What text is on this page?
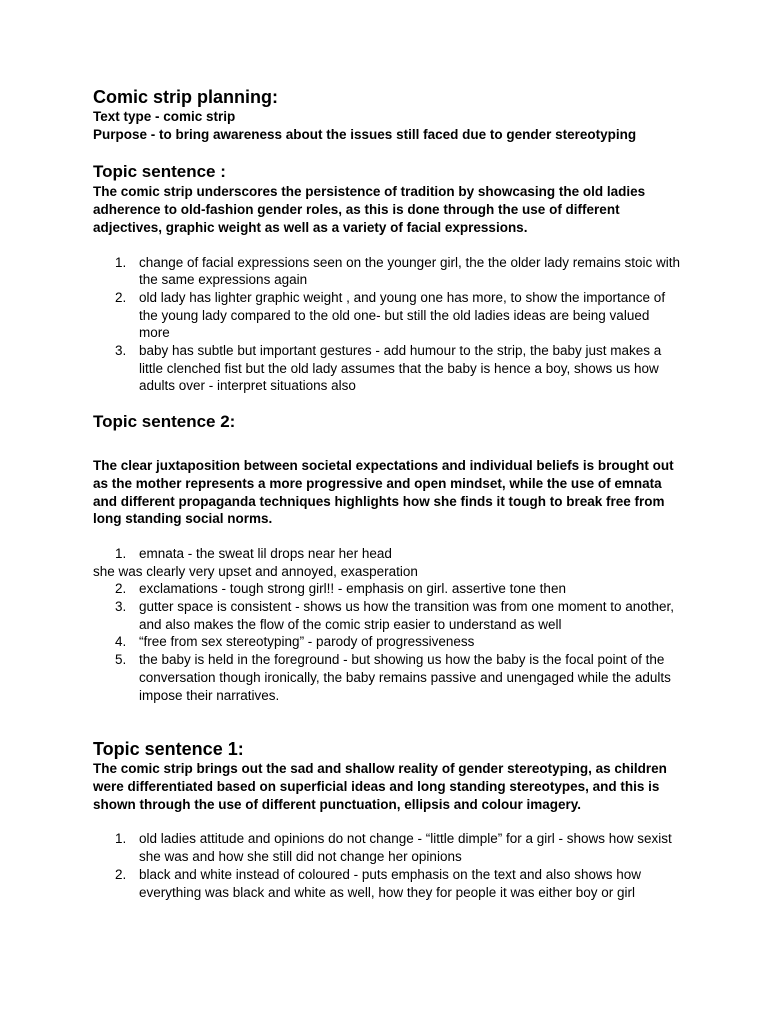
Comic strip planning:

Text type - comic strip

Purpose - to bring awareness about the issues still faced due to gender stereotyping

Topic sentence :

The comic strip underscores the persistence of tradition by showcasing the old ladies adherence to old-fashion gender roles, as this is done through the use of different adjectives, graphic weight as well as a variety of facial expressions.

1. change of facial expressions seen on the younger girl, the the older lady remains stoic with the same expressions again
2. old lady has lighter graphic weight , and young one has more, to show the importance of the young lady compared to the old one- but still the old ladies ideas are being valued more
3. baby has subtle but important gestures - add humour to the strip, the baby just makes a little clenched fist but the old lady assumes that the baby is hence a boy, shows us how adults over - interpret situations also

Topic sentence 2:

The clear juxtaposition between societal expectations and individual beliefs is brought out as the mother represents a more progressive and open mindset, while the use of emnata and different propaganda techniques highlights how she finds it tough to break free from long standing social norms.

1. emnata - the sweat lil drops near her head

she was clearly very upset and annoyed, exasperation

2. exclamations - tough strong girl!! - emphasis on girl. assertive tone then
3. gutter space is consistent - shows us how the transition was from one moment to another, and also makes the flow of the comic strip easier to understand as well
4. “free from sex stereotyping” - parody of progressiveness
5. the baby is held in the foreground - but showing us how the baby is the focal point of the conversation though ironically, the baby remains passive and unengaged while the adults impose their narratives.

Topic sentence 1:

The comic strip brings out the sad and shallow reality of gender stereotyping, as children were differentiated based on superficial ideas and long standing stereotypes, and this is shown through the use of different punctuation, ellipsis and colour imagery.

1. old ladies attitude and opinions do not change - “little dimple” for a girl - shows how sexist she was and how she still did not change her opinions
2. black and white instead of coloured - puts emphasis on the text and also shows how everything was black and white as well, how they for people it was either boy or girl
